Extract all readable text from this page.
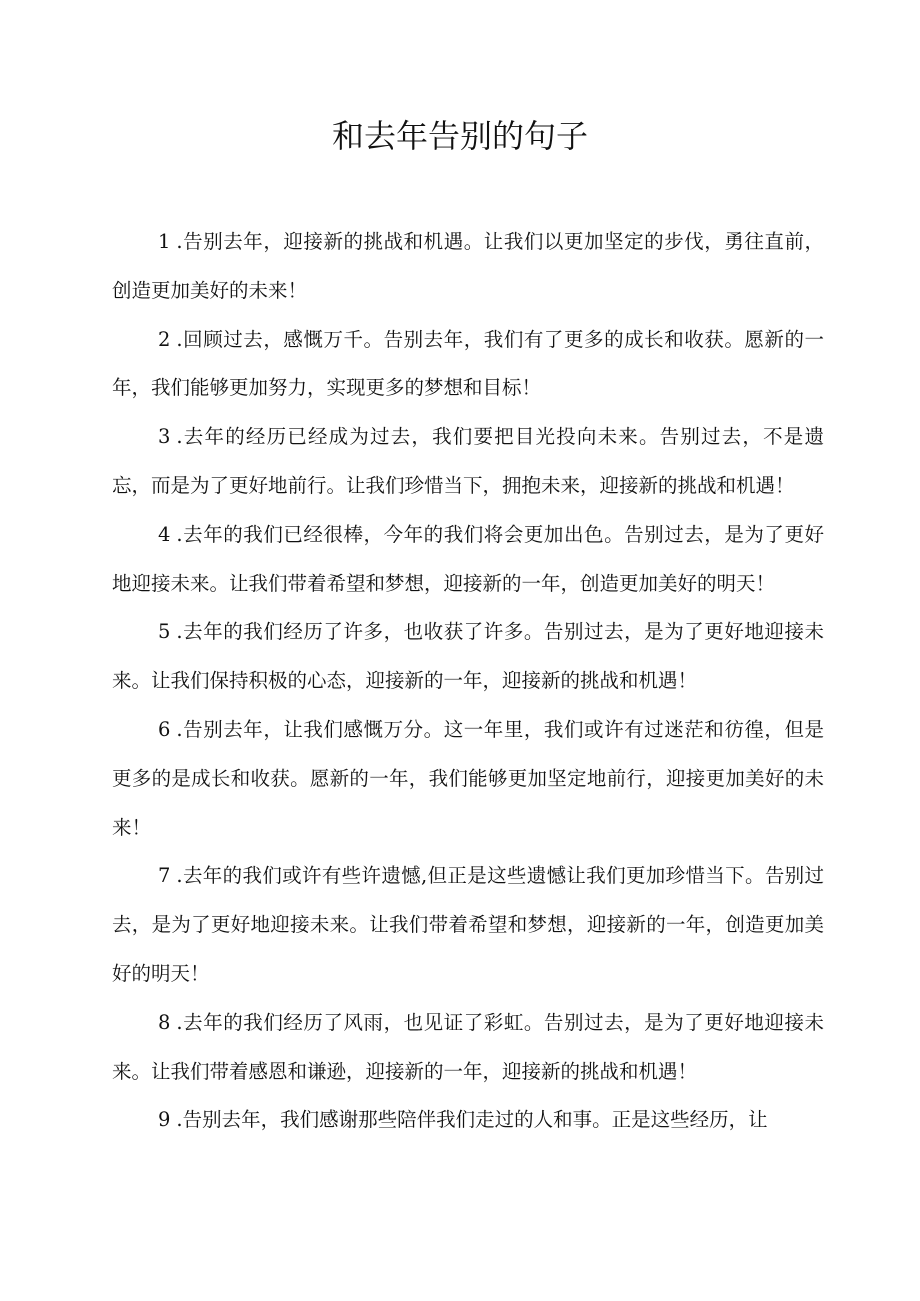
和去年告别的句子

1 .告别去年，迎接新的挑战和机遇。让我们以更加坚定的步伐，勇往直前，创造更加美好的未来！

2 .回顾过去，感慨万千。告别去年，我们有了更多的成长和收获。愿新的一年，我们能够更加努力，实现更多的梦想和目标！

3 .去年的经历已经成为过去，我们要把目光投向未来。告别过去，不是遗忘，而是为了更好地前行。让我们珍惜当下，拥抱未来，迎接新的挑战和机遇！

4 .去年的我们已经很棒，今年的我们将会更加出色。告别过去，是为了更好地迎接未来。让我们带着希望和梦想，迎接新的一年，创造更加美好的明天！

5 .去年的我们经历了许多，也收获了许多。告别过去，是为了更好地迎接未来。让我们保持积极的心态，迎接新的一年，迎接新的挑战和机遇！

6 .告别去年，让我们感慨万分。这一年里，我们或许有过迷茫和彷徨，但是更多的是成长和收获。愿新的一年，我们能够更加坚定地前行，迎接更加美好的未来！

7 .去年的我们或许有些许遗憾,但正是这些遗憾让我们更加珍惜当下。告别过去，是为了更好地迎接未来。让我们带着希望和梦想，迎接新的一年，创造更加美好的明天！

8 .去年的我们经历了风雨，也见证了彩虹。告别过去，是为了更好地迎接未来。让我们带着感恩和谦逊，迎接新的一年，迎接新的挑战和机遇！

9 .告别去年，我们感谢那些陪伴我们走过的人和事。正是这些经历，让
